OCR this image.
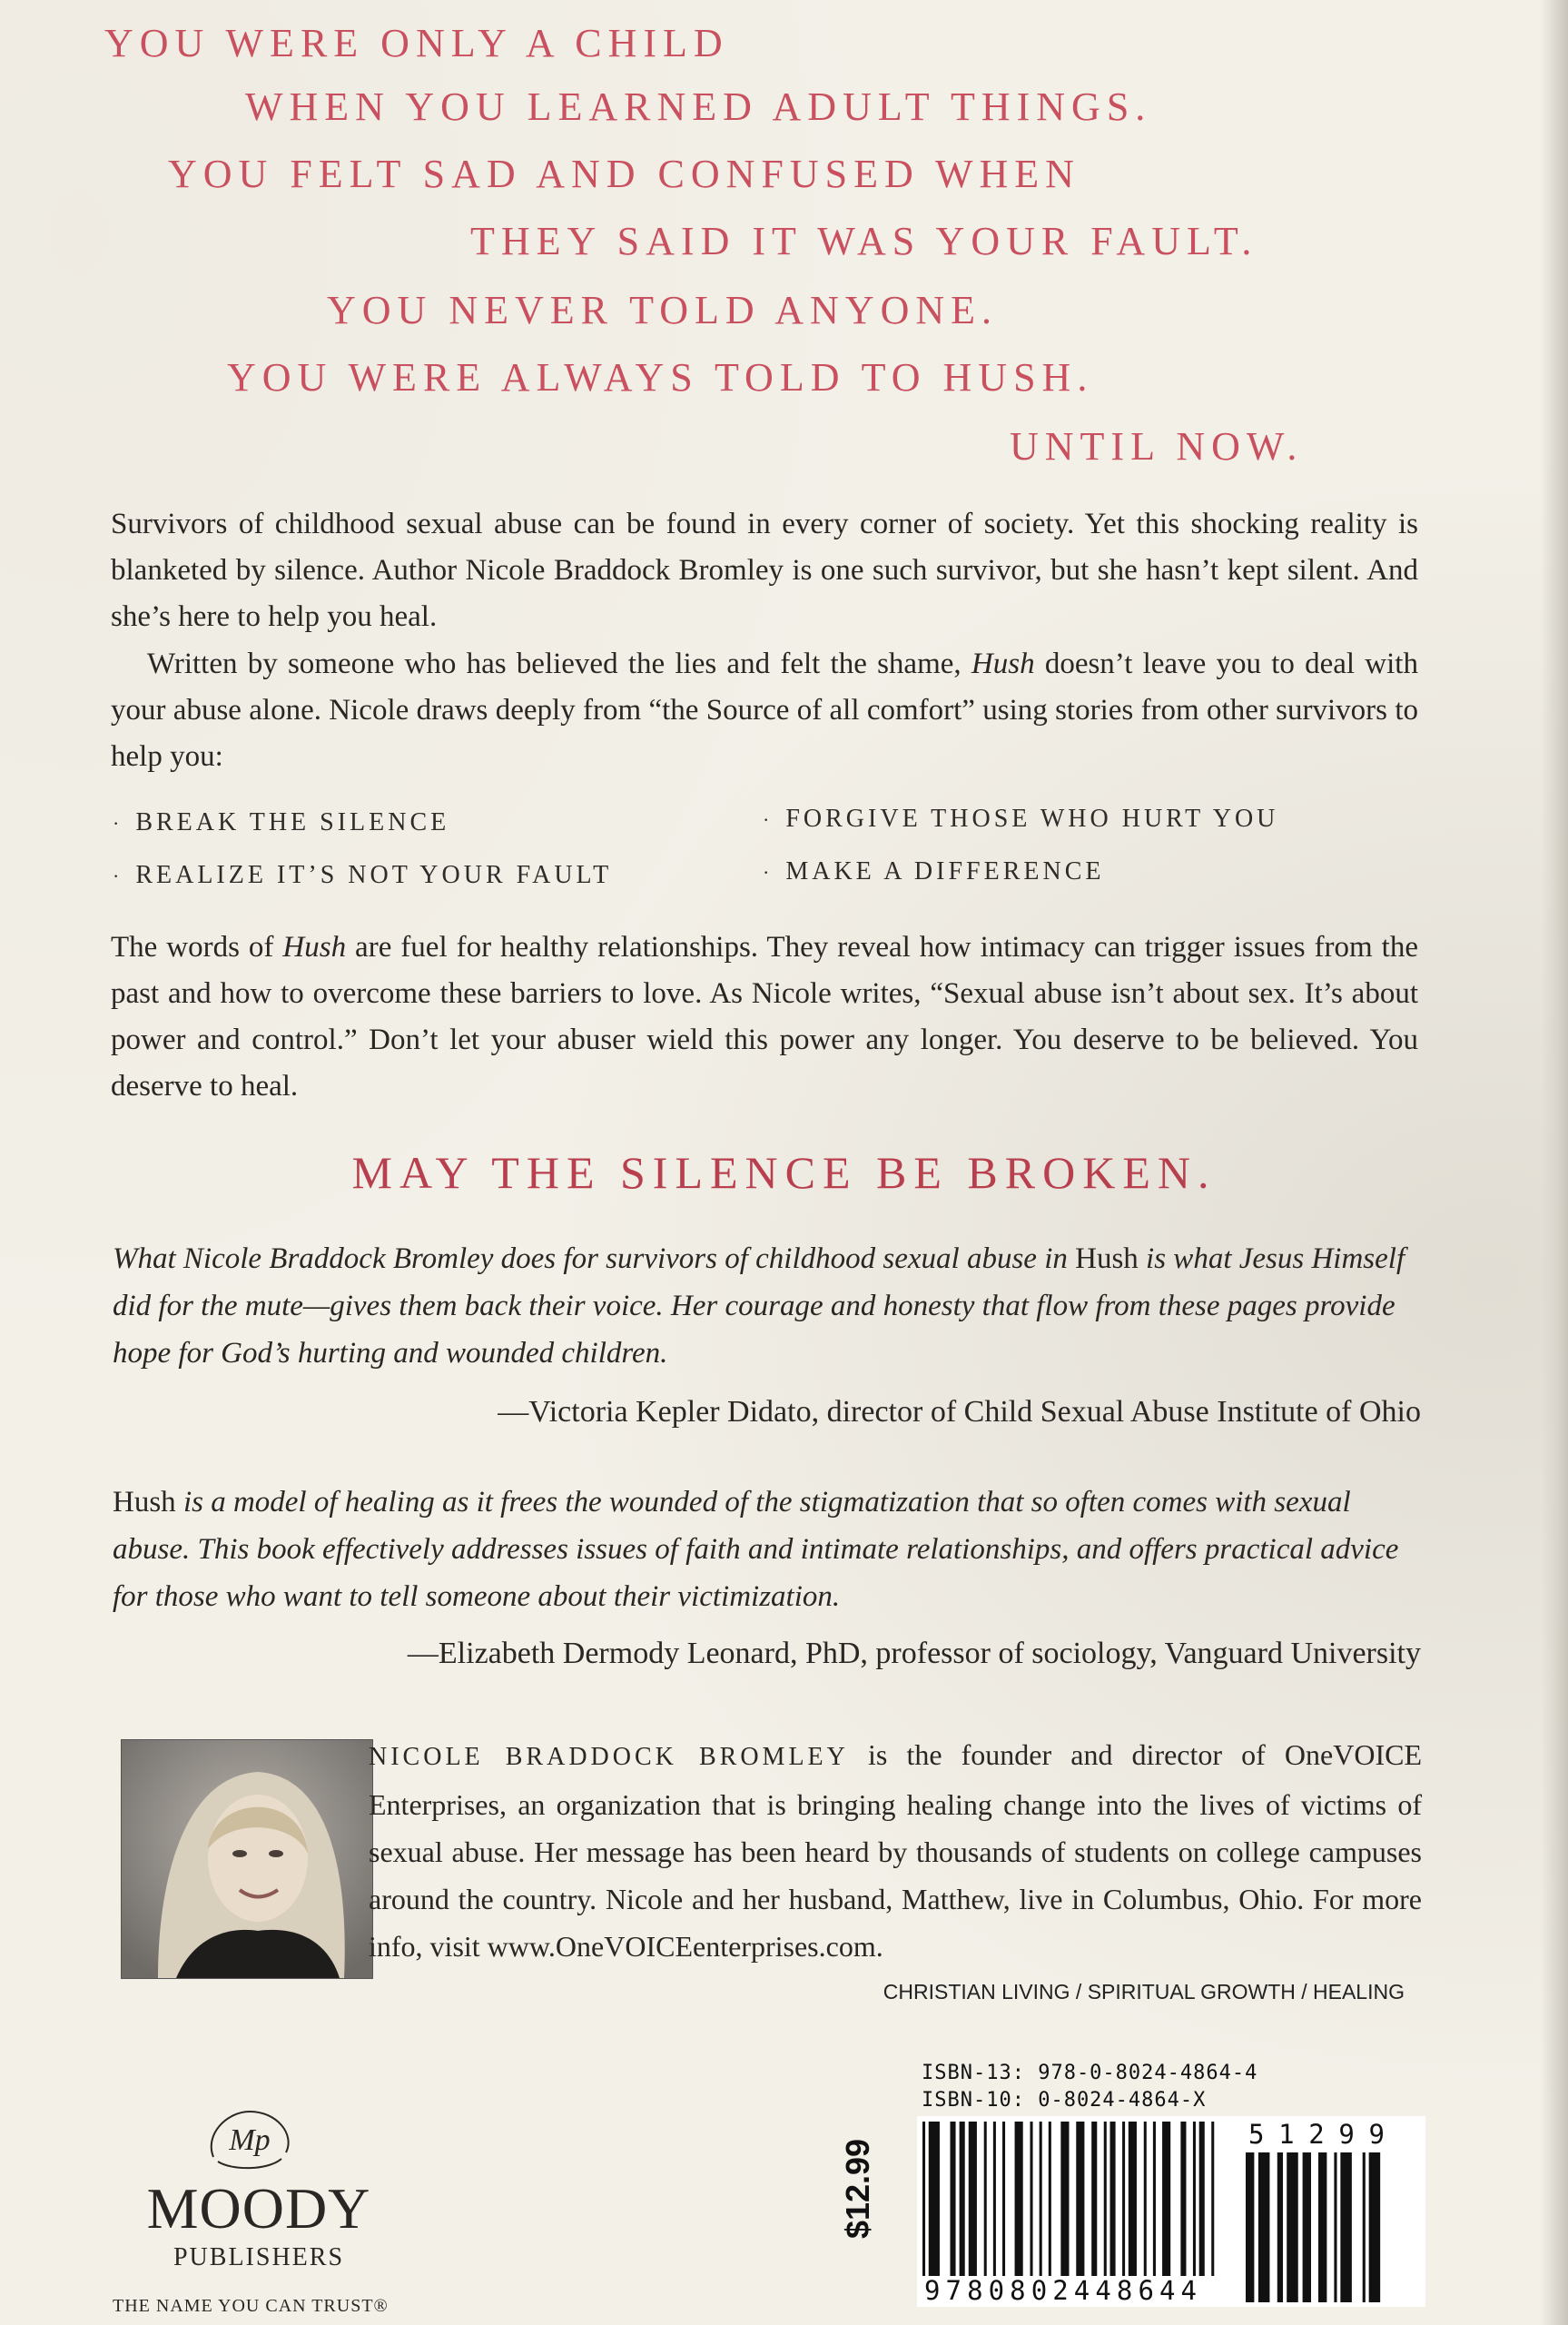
YOU WERE ONLY A CHILD

WHEN YOU LEARNED ADULT THINGS.

YOU FELT SAD AND CONFUSED WHEN

THEY SAID IT WAS YOUR FAULT.

YOU NEVER TOLD ANYONE.

YOU WERE ALWAYS TOLD TO HUSH.

UNTIL NOW.

Survivors of childhood sexual abuse can be found in every corner of society. Yet this shocking reality is blanketed by silence. Author Nicole Braddock Bromley is one such survivor, but she hasn’t kept silent. And she’s here to help you heal.

Written by someone who has believed the lies and felt the shame, Hush doesn’t leave you to deal with your abuse alone. Nicole draws deeply from “the Source of all comfort” using stories from other survivors to help you:

· BREAK THE SILENCE	· FORGIVE THOSE WHO HURT YOU

· REALIZE IT’S NOT YOUR FAULT	· MAKE A DIFFERENCE

The words of Hush are fuel for healthy relationships. They reveal how intimacy can trigger issues from the past and how to overcome these barriers to love. As Nicole writes, “Sexual abuse isn’t about sex. It’s about power and control.” Don’t let your abuser wield this power any longer. You deserve to be believed. You deserve to heal.

MAY THE SILENCE BE BROKEN.

What Nicole Braddock Bromley does for survivors of childhood sexual abuse in Hush is what Jesus Himself did for the mute—gives them back their voice. Her courage and honesty that flow from these pages provide hope for God’s hurting and wounded children.

—Victoria Kepler Didato, director of Child Sexual Abuse Institute of Ohio

Hush is a model of healing as it frees the wounded of the stigmatization that so often comes with sexual abuse. This book effectively addresses issues of faith and intimate relationships, and offers practical advice for those who want to tell someone about their victimization.

—Elizabeth Dermody Leonard, PhD, professor of sociology, Vanguard University

NICOLE BRADDOCK BROMLEY is the founder and director of OneVOICE Enterprises, an organization that is bringing healing change into the lives of victims of sexual abuse. Her message has been heard by thousands of students on college campuses around the country. Nicole and her husband, Matthew, live in Columbus, Ohio. For more info, visit www.OneVOICEenterprises.com.

CHRISTIAN LIVING / SPIRITUAL GROWTH / HEALING

Mp

MOODY

PUBLISHERS

THE NAME YOU CAN TRUST®

ISBN-13: 978-0-8024-4864-4

ISBN-10: 0-8024-4864-X

$12.99
9780802448644
51299
